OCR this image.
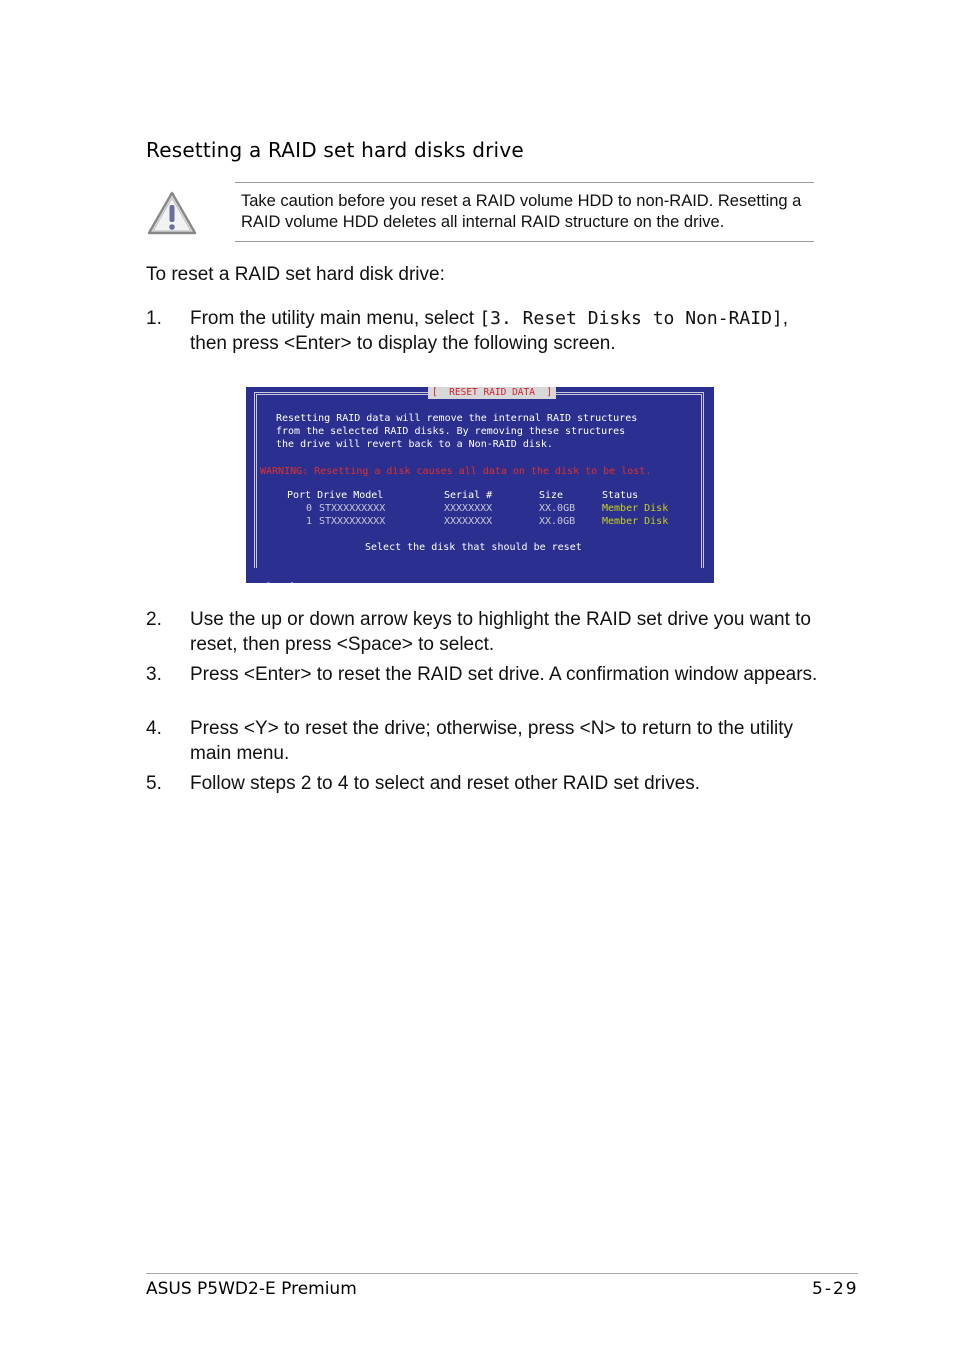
Resetting a RAID set hard disks drive
Take caution before you reset a RAID volume HDD to non-RAID. Resetting a RAID volume HDD deletes all internal RAID structure on the drive.

To reset a RAID set hard disk drive:

1. From the utility main menu, select [3. Reset Disks to Non-RAID], then press <Enter> to display the following screen.
[  RESET RAID DATA  ]
Resetting RAID data will remove the internal RAID structures
from the selected RAID disks. By removing these structures
the drive will revert back to a Non-RAID disk.
WARNING: Resetting a disk causes all data on the disk to be lost.
Port Drive Model	Serial #	Size	Status
0 STXXXXXXXXX	XXXXXXXX	XX.0GB	Member Disk
1 STXXXXXXXXX	XXXXXXXX	XX.0GB	Member Disk
Select the disk that should be reset

2. Use the up or down arrow keys to highlight the RAID set drive you want to reset, then press <Space> to select.
3. Press <Enter> to reset the RAID set drive. A confirmation window appears.
4. Press <Y> to reset the drive; otherwise, press <N> to return to the utility main menu.
5. Follow steps 2 to 4 to select and reset other RAID set drives.
ASUS P5WD2-E Premium	5-29
